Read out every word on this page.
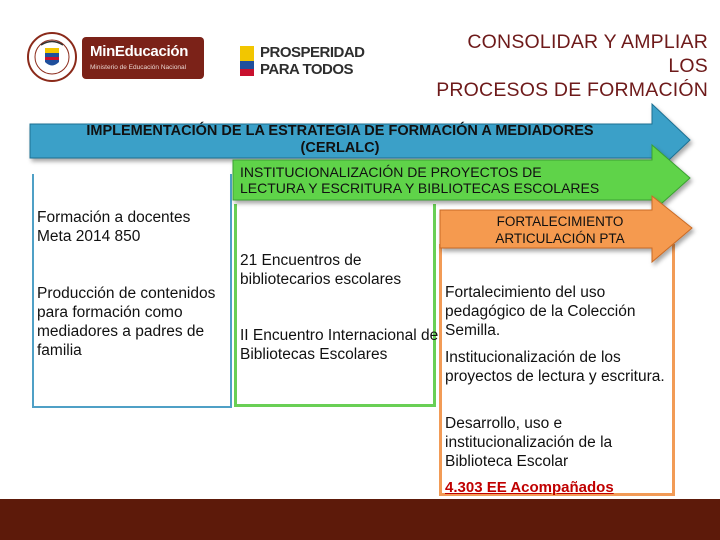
MinEducación
Ministerio de Educación Nacional
PROSPERIDAD
PARA TODOS
CONSOLIDAR Y AMPLIAR
LOS
PROCESOS DE FORMACIÓN
IMPLEMENTACIÓN DE LA ESTRATEGIA DE FORMACIÓN A MEDIADORES (CERLALC)
INSTITUCIONALIZACIÓN DE PROYECTOS DE LECTURA Y ESCRITURA Y BIBLIOTECAS ESCOLARES
FORTALECIMIENTO ARTICULACIÓN PTA
Formación a docentes
Meta 2014 850
Producción de contenidos para formación como mediadores a padres de familia
21 Encuentros de bibliotecarios escolares
II Encuentro Internacional de Bibliotecas Escolares
Fortalecimiento del uso pedagógico de la Colección Semilla.
Institucionalización de los proyectos de lectura y escritura.
Desarrollo, uso e institucionalización de la Biblioteca Escolar
4.303 EE Acompañados
